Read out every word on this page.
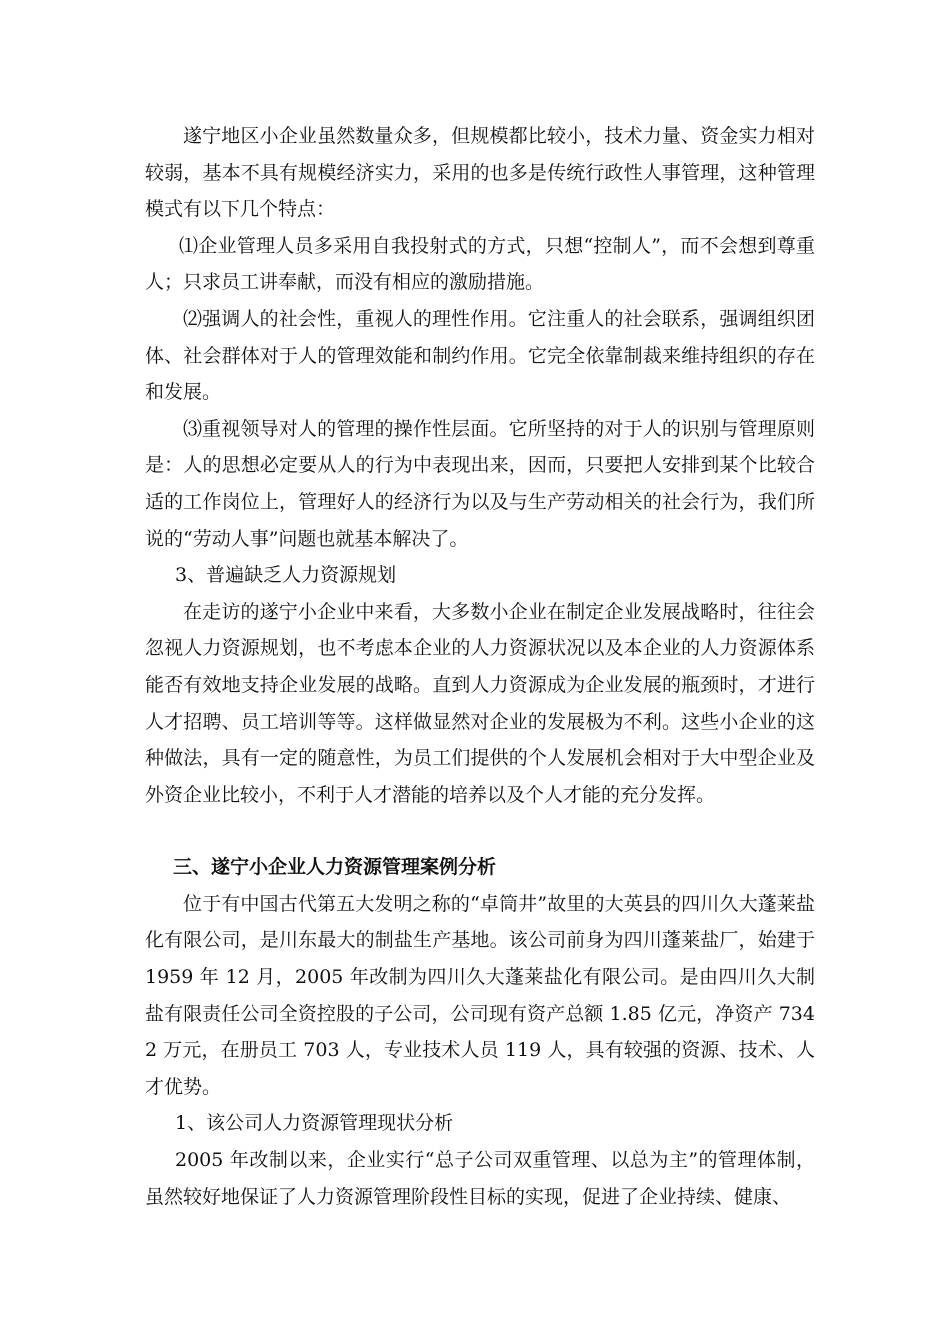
遂宁地区小企业虽然数量众多，但规模都比较小，技术力量、资金实力相对较弱，基本不具有规模经济实力，采用的也多是传统行政性人事管理，这种管理模式有以下几个特点：

⑴企业管理人员多采用自我投射式的方式，只想“控制人”，而不会想到尊重人；只求员工讲奉献，而没有相应的激励措施。

⑵强调人的社会性，重视人的理性作用。它注重人的社会联系，强调组织团体、社会群体对于人的管理效能和制约作用。它完全依靠制裁来维持组织的存在和发展。

⑶重视领导对人的管理的操作性层面。它所坚持的对于人的识别与管理原则是：人的思想必定要从人的行为中表现出来，因而，只要把人安排到某个比较合适的工作岗位上，管理好人的经济行为以及与生产劳动相关的社会行为，我们所说的“劳动人事”问题也就基本解决了。

3、普遍缺乏人力资源规划

在走访的遂宁小企业中来看，大多数小企业在制定企业发展战略时，往往会忽视人力资源规划，也不考虑本企业的人力资源状况以及本企业的人力资源体系能否有效地支持企业发展的战略。直到人力资源成为企业发展的瓶颈时，才进行人才招聘、员工培训等等。这样做显然对企业的发展极为不利。这些小企业的这种做法，具有一定的随意性，为员工们提供的个人发展机会相对于大中型企业及外资企业比较小，不利于人才潜能的培养以及个人才能的充分发挥。

三、遂宁小企业人力资源管理案例分析

位于有中国古代第五大发明之称的“卓筒井”故里的大英县的四川久大蓬莱盐化有限公司，是川东最大的制盐生产基地。该公司前身为四川蓬莱盐厂，始建于 1959 年 12 月，2005 年改制为四川久大蓬莱盐化有限公司。是由四川久大制盐有限责任公司全资控股的子公司，公司现有资产总额 1.85 亿元，净资产 7342 万元，在册员工 703 人，专业技术人员 119 人，具有较强的资源、技术、人才优势。

1、该公司人力资源管理现状分析

2005 年改制以来，企业实行“总子公司双重管理、以总为主”的管理体制，虽然较好地保证了人力资源管理阶段性目标的实现，促进了企业持续、健康、
